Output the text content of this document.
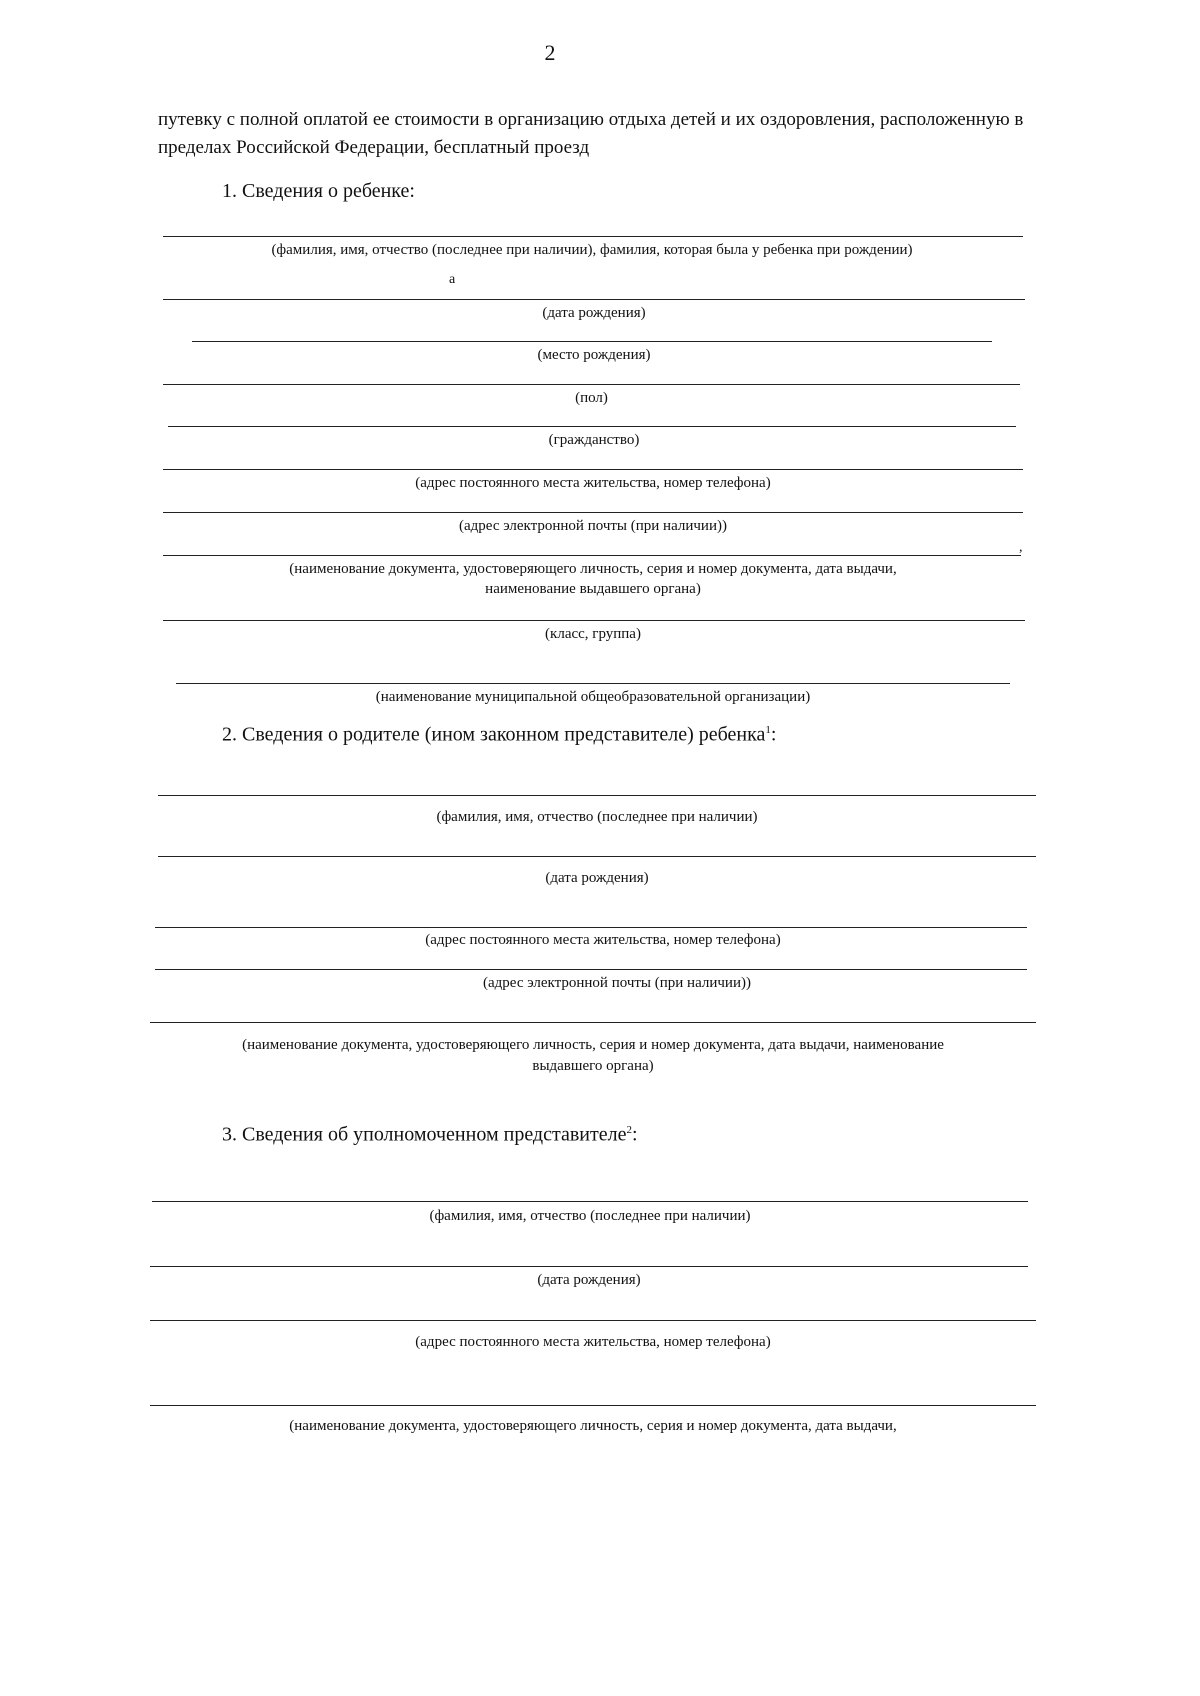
2
путевку с полной оплатой ее стоимости в организацию отдыха детей и их оздоровления, расположенную в пределах Российской Федерации, бесплатный проезд
1. Сведения о ребенке:
(фамилия, имя, отчество (последнее при наличии), фамилия, которая была у ребенка при рождении)
а
(дата рождения)
(место рождения)
(пол)
(гражданство)
(адрес постоянного места жительства, номер телефона)
(адрес электронной почты (при наличии))
,
(наименование документа, удостоверяющего личность, серия и номер документа, дата выдачи,
наименование выдавшего органа)
(класс, группа)
(наименование муниципальной общеобразовательной организации)
2. Сведения о родителе (ином законном представителе) ребенка$^1$:
(фамилия, имя, отчество (последнее при наличии)
(дата рождения)
(адрес постоянного места жительства, номер телефона)
(адрес электронной почты (при наличии))
(наименование документа, удостоверяющего личность, серия и номер документа, дата выдачи, наименование
выдавшего органа)
3. Сведения об уполномоченном представителе$^2$:
(фамилия, имя, отчество (последнее при наличии)
(дата рождения)
(адрес постоянного места жительства, номер телефона)
(наименование документа, удостоверяющего личность, серия и номер документа, дата выдачи,
